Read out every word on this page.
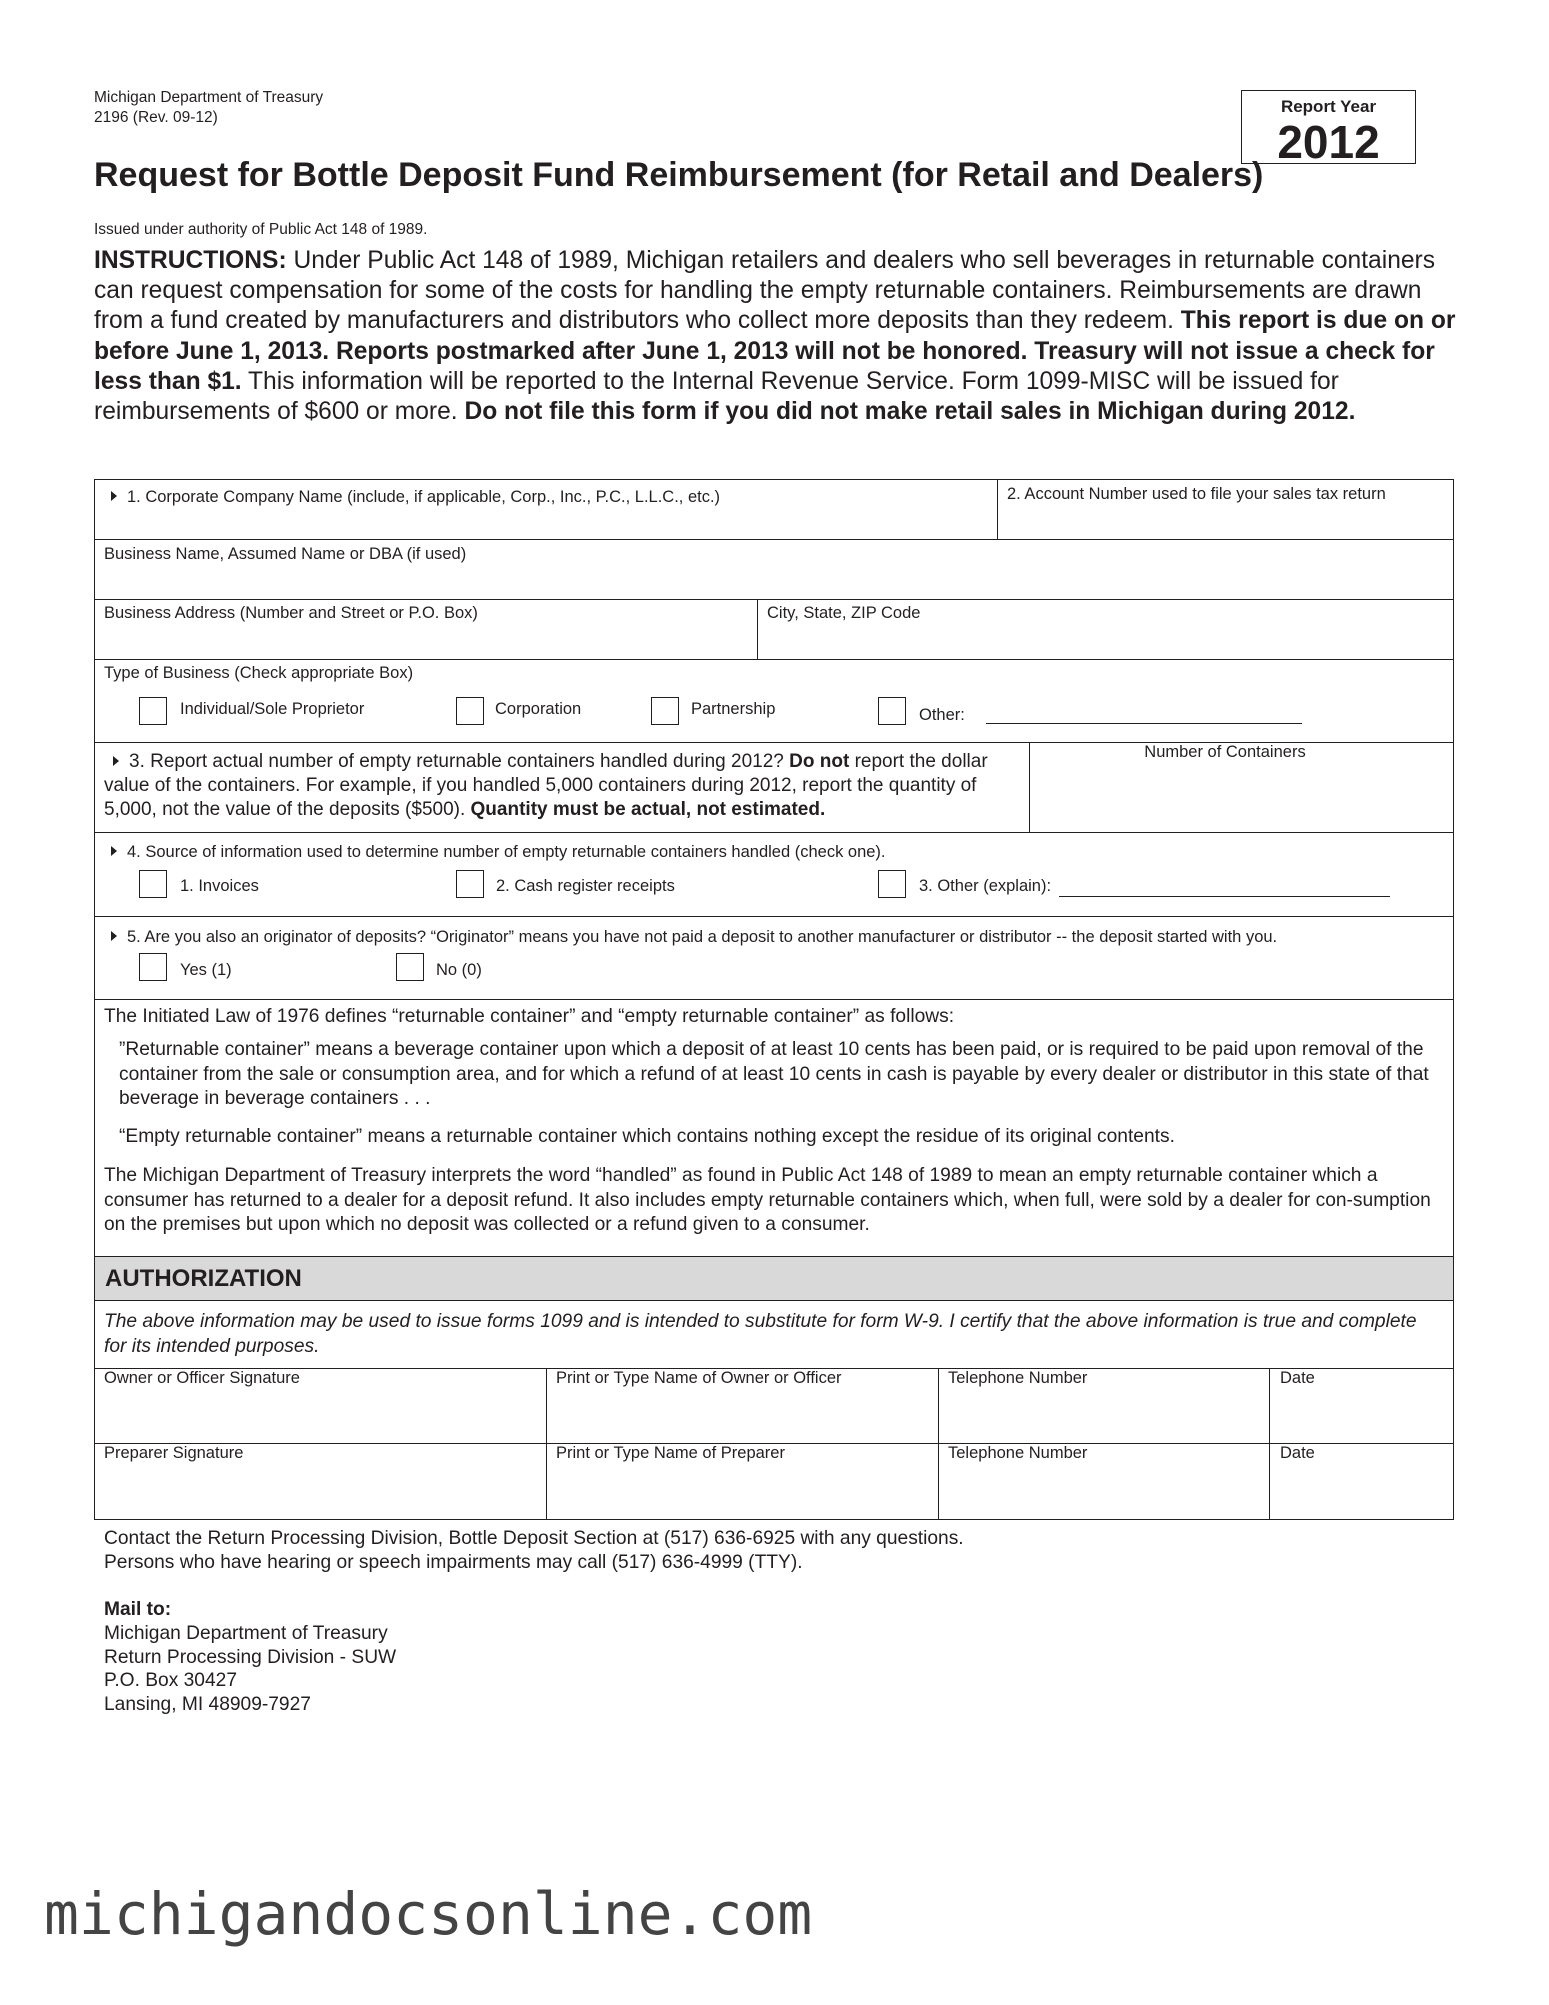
Michigan Department of Treasury
2196 (Rev. 09-12)
Report Year
2012
Request for Bottle Deposit Fund Reimbursement (for Retail and Dealers)
Issued under authority of Public Act 148 of 1989.
INSTRUCTIONS: Under Public Act 148 of 1989, Michigan retailers and dealers who sell beverages in returnable containers can request compensation for some of the costs for handling the empty returnable containers. Reimbursements are drawn from a fund created by manufacturers and distributors who collect more deposits than they redeem. This report is due on or before June 1, 2013. Reports postmarked after June 1, 2013 will not be honored. Treasury will not issue a check for less than $1. This information will be reported to the Internal Revenue Service. Form 1099-MISC will be issued for reimbursements of $600 or more. Do not file this form if you did not make retail sales in Michigan during 2012.
1. Corporate Company Name (include, if applicable, Corp., Inc., P.C., L.L.C., etc.)	2. Account Number used to file your sales tax return
Business Name, Assumed Name or DBA (if used)
Business Address (Number and Street or P.O. Box)	City, State, ZIP Code
Type of Business (Check appropriate Box)
Individual/Sole Proprietor	Corporation	Partnership	Other:
3. Report actual number of empty returnable containers handled during 2012? Do not report the dollar value of the containers. For example, if you handled 5,000 containers during 2012, report the quantity of 5,000, not the value of the deposits ($500). Quantity must be actual, not estimated.
Number of Containers
4. Source of information used to determine number of empty returnable containers handled (check one).
1. Invoices	2. Cash register receipts	3. Other (explain):
5. Are you also an originator of deposits? “Originator” means you have not paid a deposit to another manufacturer or distributor -- the deposit started with you.
Yes (1)	No (0)
The Initiated Law of 1976 defines “returnable container” and “empty returnable container” as follows:
”Returnable container” means a beverage container upon which a deposit of at least 10 cents has been paid, or is required to be paid upon removal of the container from the sale or consumption area, and for which a refund of at least 10 cents in cash is payable by every dealer or distributor in this state of that beverage in beverage containers . . .
“Empty returnable container” means a returnable container which contains nothing except the residue of its original contents.
The Michigan Department of Treasury interprets the word “handled” as found in Public Act 148 of 1989 to mean an empty returnable container which a consumer has returned to a dealer for a deposit refund. It also includes empty returnable containers which, when full, were sold by a dealer for con-sumption on the premises but upon which no deposit was collected or a refund given to a consumer.
AUTHORIZATION
The above information may be used to issue forms 1099 and is intended to substitute for form W-9. I certify that the above information is true and complete for its intended purposes.
Owner or Officer Signature	Print or Type Name of Owner or Officer	Telephone Number	Date
Preparer Signature	Print or Type Name of Preparer	Telephone Number	Date
Contact the Return Processing Division, Bottle Deposit Section at (517) 636-6925 with any questions.
Persons who have hearing or speech impairments may call (517) 636-4999 (TTY).
Mail to:
Michigan Department of Treasury
Return Processing Division - SUW
P.O. Box 30427
Lansing, MI 48909-7927
michigandocsonline.com
